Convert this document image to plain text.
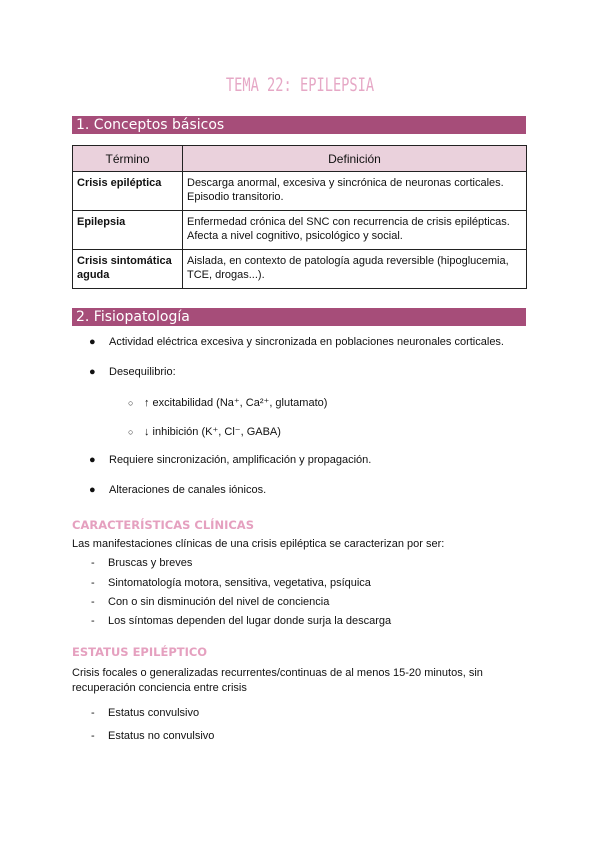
TEMA 22: EPILEPSIA
1. Conceptos básicos
Término	Definición
Crisis epiléptica	Descarga anormal, excesiva y sincrónica de neuronas corticales.
Episodio transitorio.

Epilepsia	Enfermedad crónica del SNC con recurrencia de crisis epilépticas.
Afecta a nivel cognitivo, psicológico y social.

Crisis sintomática aguda	Aislada, en contexto de patología aguda reversible (hipoglucemia,
TCE, drogas...).
2. Fisiopatología
● Actividad eléctrica excesiva y sincronizada en poblaciones neuronales corticales.
● Desequilibrio:
○ ↑ excitabilidad (Na⁺, Ca²⁺, glutamato)
○ ↓ inhibición (K⁺, Cl⁻, GABA)
● Requiere sincronización, amplificación y propagación.
● Alteraciones de canales iónicos.
CARACTERÍSTICAS CLÍNICAS
Las manifestaciones clínicas de una crisis epiléptica se caracterizan por ser:
- Bruscas y breves
- Sintomatología motora, sensitiva, vegetativa, psíquica
- Con o sin disminución del nivel de conciencia
- Los síntomas dependen del lugar donde surja la descarga
ESTATUS EPILÉPTICO
Crisis focales o generalizadas recurrentes/continuas de al menos 15-20 minutos, sin
recuperación conciencia entre crisis
- Estatus convulsivo
- Estatus no convulsivo
